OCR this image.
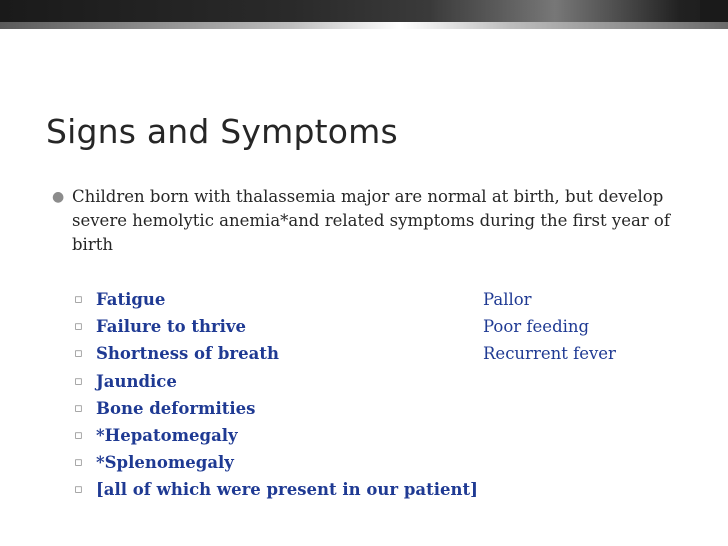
Signs and Symptoms
● Children born with thalassemia major are normal at birth, but develop severe hemolytic anemia*and related symptoms during the first year of birth
▫ Fatigue	Pallor
▫ Failure to thrive	Poor feeding
▫ Shortness of breath	Recurrent fever
▫ Jaundice
▫ Bone deformities
▫ *Hepatomegaly
▫ *Splenomegaly
▫ [all of which were present in our patient]
